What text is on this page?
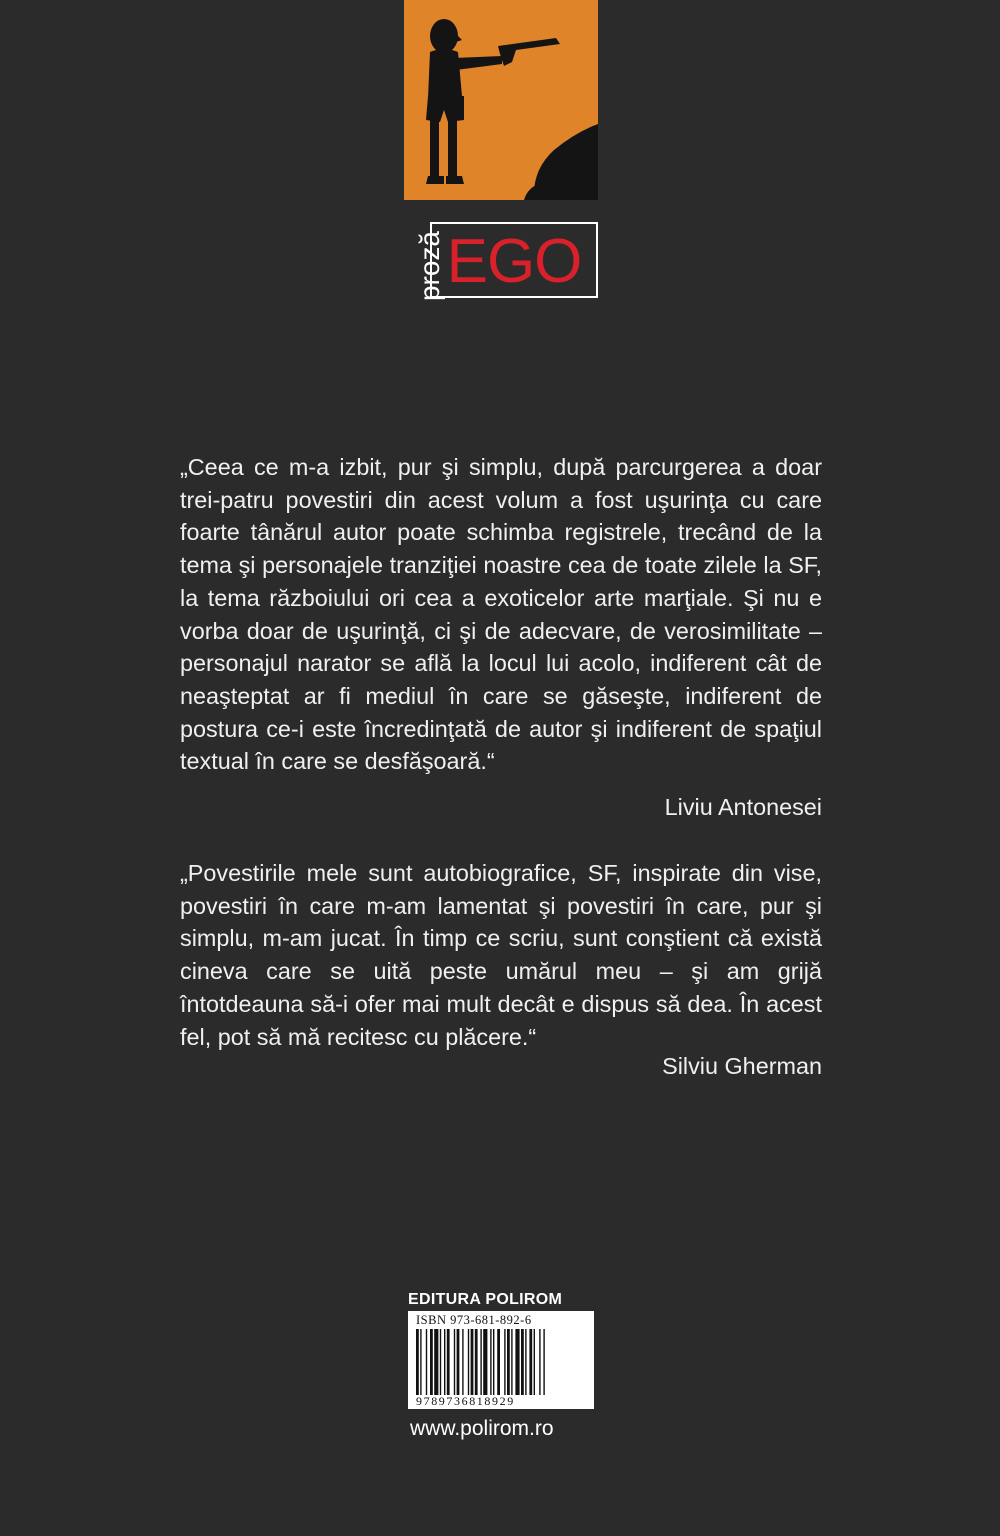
proză EGO
„Ceea ce m-a izbit, pur şi simplu, după parcurgerea a doar trei-patru povestiri din acest volum a fost uşurinţa cu care foarte tânărul autor poate schimba registrele, trecând de la tema şi personajele tranziţiei noastre cea de toate zilele la SF, la tema războiului ori cea a exoticelor arte marţiale. Şi nu e vorba doar de uşurinţă, ci şi de adecvare, de verosimilitate – personajul narator se află la locul lui acolo, indiferent cât de neaşteptat ar fi mediul în care se găseşte, indiferent de postura ce-i este încredinţată de autor şi indiferent de spaţiul textual în care se desfăşoară.“
Liviu Antonesei
„Povestirile mele sunt autobiografice, SF, inspirate din vise, povestiri în care m-am lamentat şi povestiri în care, pur şi simplu, m-am jucat. În timp ce scriu, sunt conştient că există cineva care se uită peste umărul meu – şi am grijă întotdeauna să-i ofer mai mult decât e dispus să dea. În acest fel, pot să mă recitesc cu plăcere.“
Silviu Gherman
EDITURA POLIROM
ISBN 973-681-892-6
9789736818929
www.polirom.ro
